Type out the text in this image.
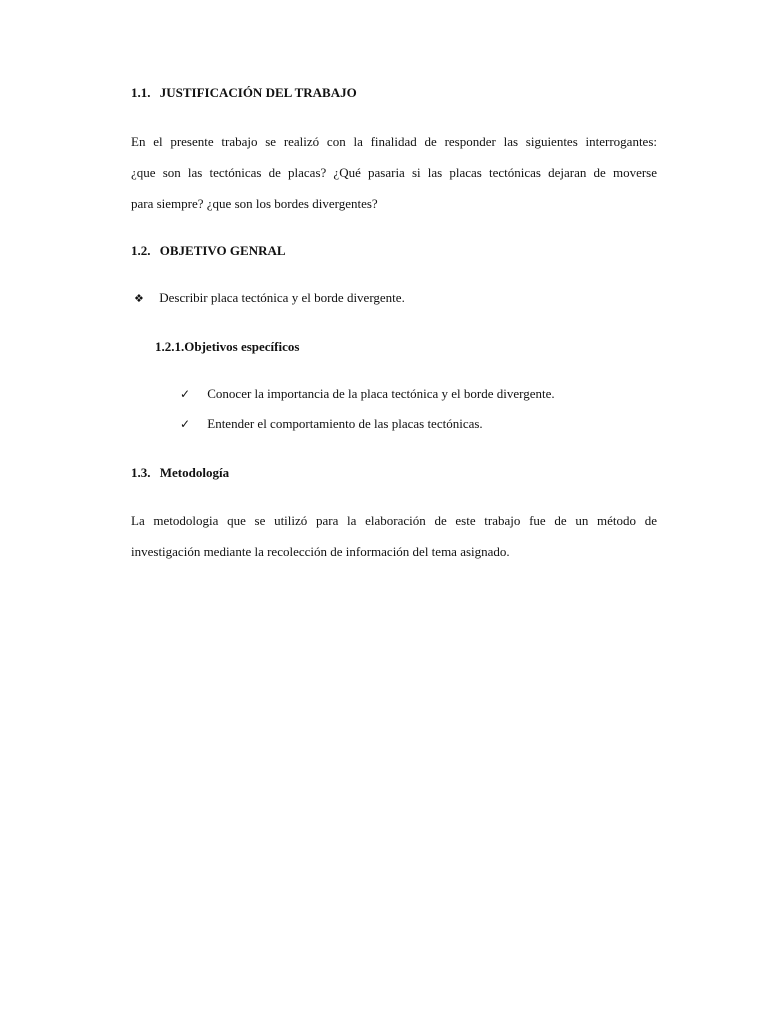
1.1. JUSTIFICACIÓN DEL TRABAJO
En el presente trabajo se realizó con la finalidad de responder las siguientes interrogantes:
¿que son las tectónicas de placas? ¿Qué pasaria si las placas tectónicas dejaran de moverse
para siempre? ¿que son los bordes divergentes?
1.2. OBJETIVO GENRAL
❖ Describir placa tectónica y el borde divergente.
1.2.1.Objetivos específicos
✓ Conocer la importancia de la placa tectónica y el borde divergente.
✓ Entender el comportamiento de las placas tectónicas.
1.3. Metodología
La metodologia que se utilizó para la elaboración de este trabajo fue de un método de
investigación mediante la recolección de información del tema asignado.
